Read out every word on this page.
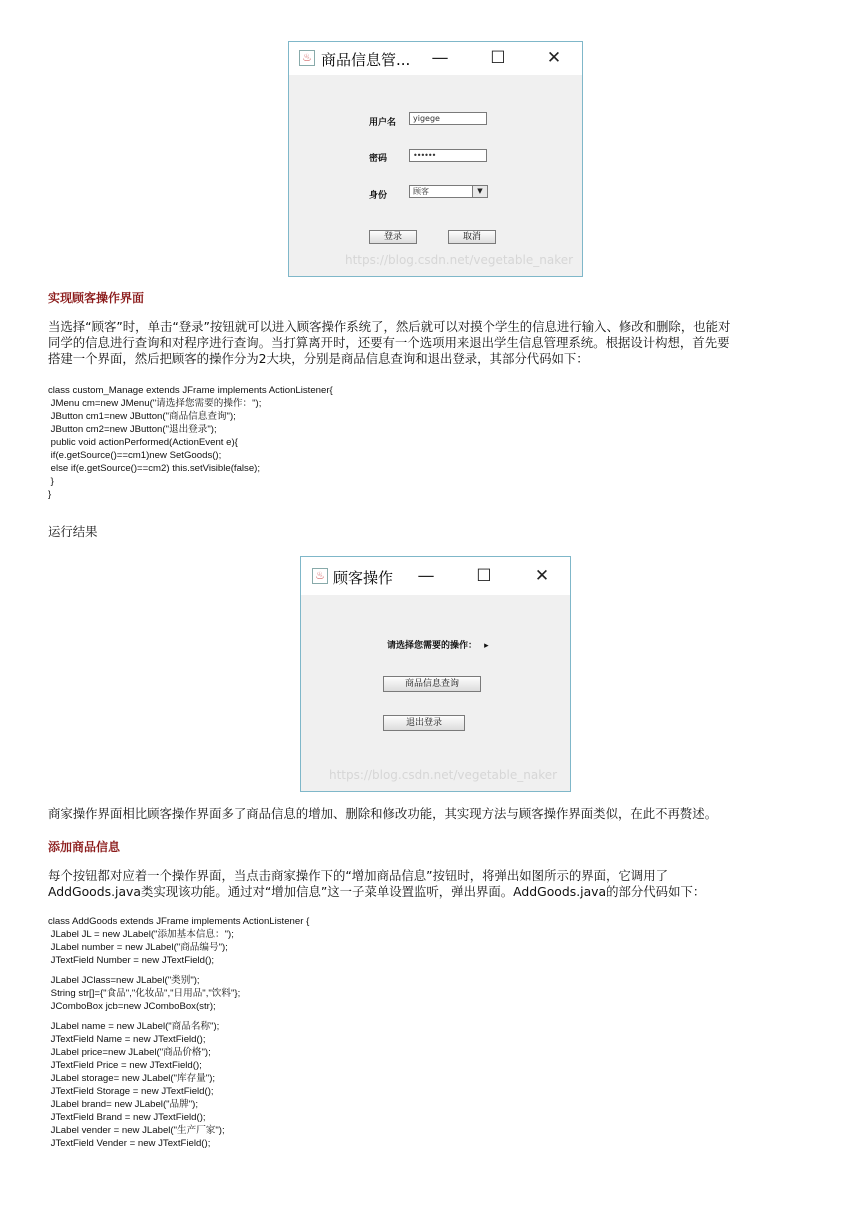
♨ 商品信息管... —	☐	✕
用户名	yigege
密码	••••••
身份	顾客	▼
登录	取消
https://blog.csdn.net/vegetable_naker
实现顾客操作界面
当选择“顾客”时，单击“登录”按钮就可以进入顾客操作系统了，然后就可以对摸个学生的信息进行输入、修改和删除，也能对
同学的信息进行查询和对程序进行查询。当打算离开时，还要有一个选项用来退出学生信息管理系统。根据设计构想，首先要
搭建一个界面，然后把顾客的操作分为2大块，分别是商品信息查询和退出登录，其部分代码如下：
class custom_Manage extends JFrame implements ActionListener{
JMenu cm=new JMenu("请选择您需要的操作：");
JButton cm1=new JButton("商品信息查询");
JButton cm2=new JButton("退出登录");
public void actionPerformed(ActionEvent e){
if(e.getSource()==cm1)new SetGoods();
else if(e.getSource()==cm2) this.setVisible(false);
}
}
运行结果
♨ 顾客操作 —	☐	✕
请选择您需要的操作： ▸
商品信息查询
退出登录
https://blog.csdn.net/vegetable_naker
商家操作界面相比顾客操作界面多了商品信息的增加、删除和修改功能，其实现方法与顾客操作界面类似，在此不再赘述。
添加商品信息
每个按钮都对应着一个操作界面，当点击商家操作下的“增加商品信息”按钮时，将弹出如图所示的界面，它调用了
AddGoods.java类实现该功能。通过对“增加信息”这一子菜单设置监听，弹出界面。AddGoods.java的部分代码如下：
class AddGoods extends JFrame implements ActionListener {
JLabel JL = new JLabel("添加基本信息：");
JLabel number = new JLabel("商品编号");
JTextField Number = new JTextField();
JLabel JClass=new JLabel("类别");
String str[]={"食品","化妆品","日用品","饮料"};
JComboBox jcb=new JComboBox(str);
JLabel name = new JLabel("商品名称");
JTextField Name = new JTextField();
JLabel price=new JLabel("商品价格");
JTextField Price = new JTextField();
JLabel storage= new JLabel("库存量");
JTextField Storage = new JTextField();
JLabel brand= new JLabel("品牌");
JTextField Brand = new JTextField();
JLabel vender = new JLabel("生产厂家");
JTextField Vender = new JTextField();
